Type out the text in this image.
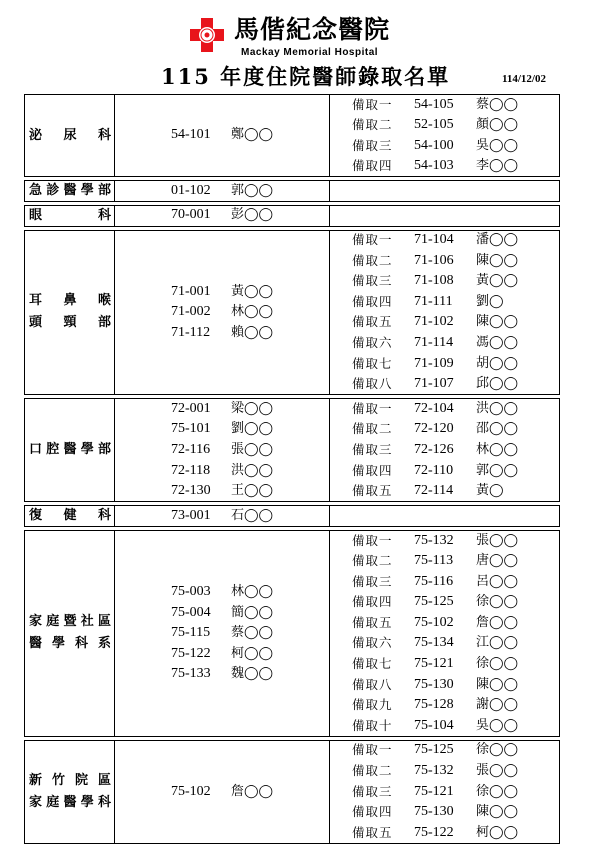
馬偕紀念醫院
Mackay Memorial Hospital
115 年度住院醫師錄取名單	114/12/02
泌 尿 科	54-101	鄭◯◯
備取一	54-105	蔡◯◯
備取二	52-105	顏◯◯
備取三	54-100	吳◯◯
備取四	54-103	李◯◯
急診醫學部	01-102	郭◯◯
眼 科	70-001	彭◯◯
耳 鼻 喉
頭 頸 部
71-001	黃◯◯
71-002	林◯◯
71-112	賴◯◯
備取一	71-104	潘◯◯
備取二	71-106	陳◯◯
備取三	71-108	黃◯◯
備取四	71-111	劉◯
備取五	71-102	陳◯◯
備取六	71-114	馮◯◯
備取七	71-109	胡◯◯
備取八	71-107	邱◯◯
口腔醫學部
72-001	梁◯◯
75-101	劉◯◯
72-116	張◯◯
72-118	洪◯◯
72-130	王◯◯
備取一	72-104	洪◯◯
備取二	72-120	邵◯◯
備取三	72-126	林◯◯
備取四	72-110	郭◯◯
備取五	72-114	黃◯
復 健 科	73-001	石◯◯
家庭暨社區
醫 學 科 系
75-003	林◯◯
75-004	簡◯◯
75-115	蔡◯◯
75-122	柯◯◯
75-133	魏◯◯
備取一	75-132	張◯◯
備取二	75-113	唐◯◯
備取三	75-116	呂◯◯
備取四	75-125	徐◯◯
備取五	75-102	詹◯◯
備取六	75-134	江◯◯
備取七	75-121	徐◯◯
備取八	75-130	陳◯◯
備取九	75-128	謝◯◯
備取十	75-104	吳◯◯
新 竹 院 區
家庭醫學科
75-102	詹◯◯
備取一	75-125	徐◯◯
備取二	75-132	張◯◯
備取三	75-121	徐◯◯
備取四	75-130	陳◯◯
備取五	75-122	柯◯◯
